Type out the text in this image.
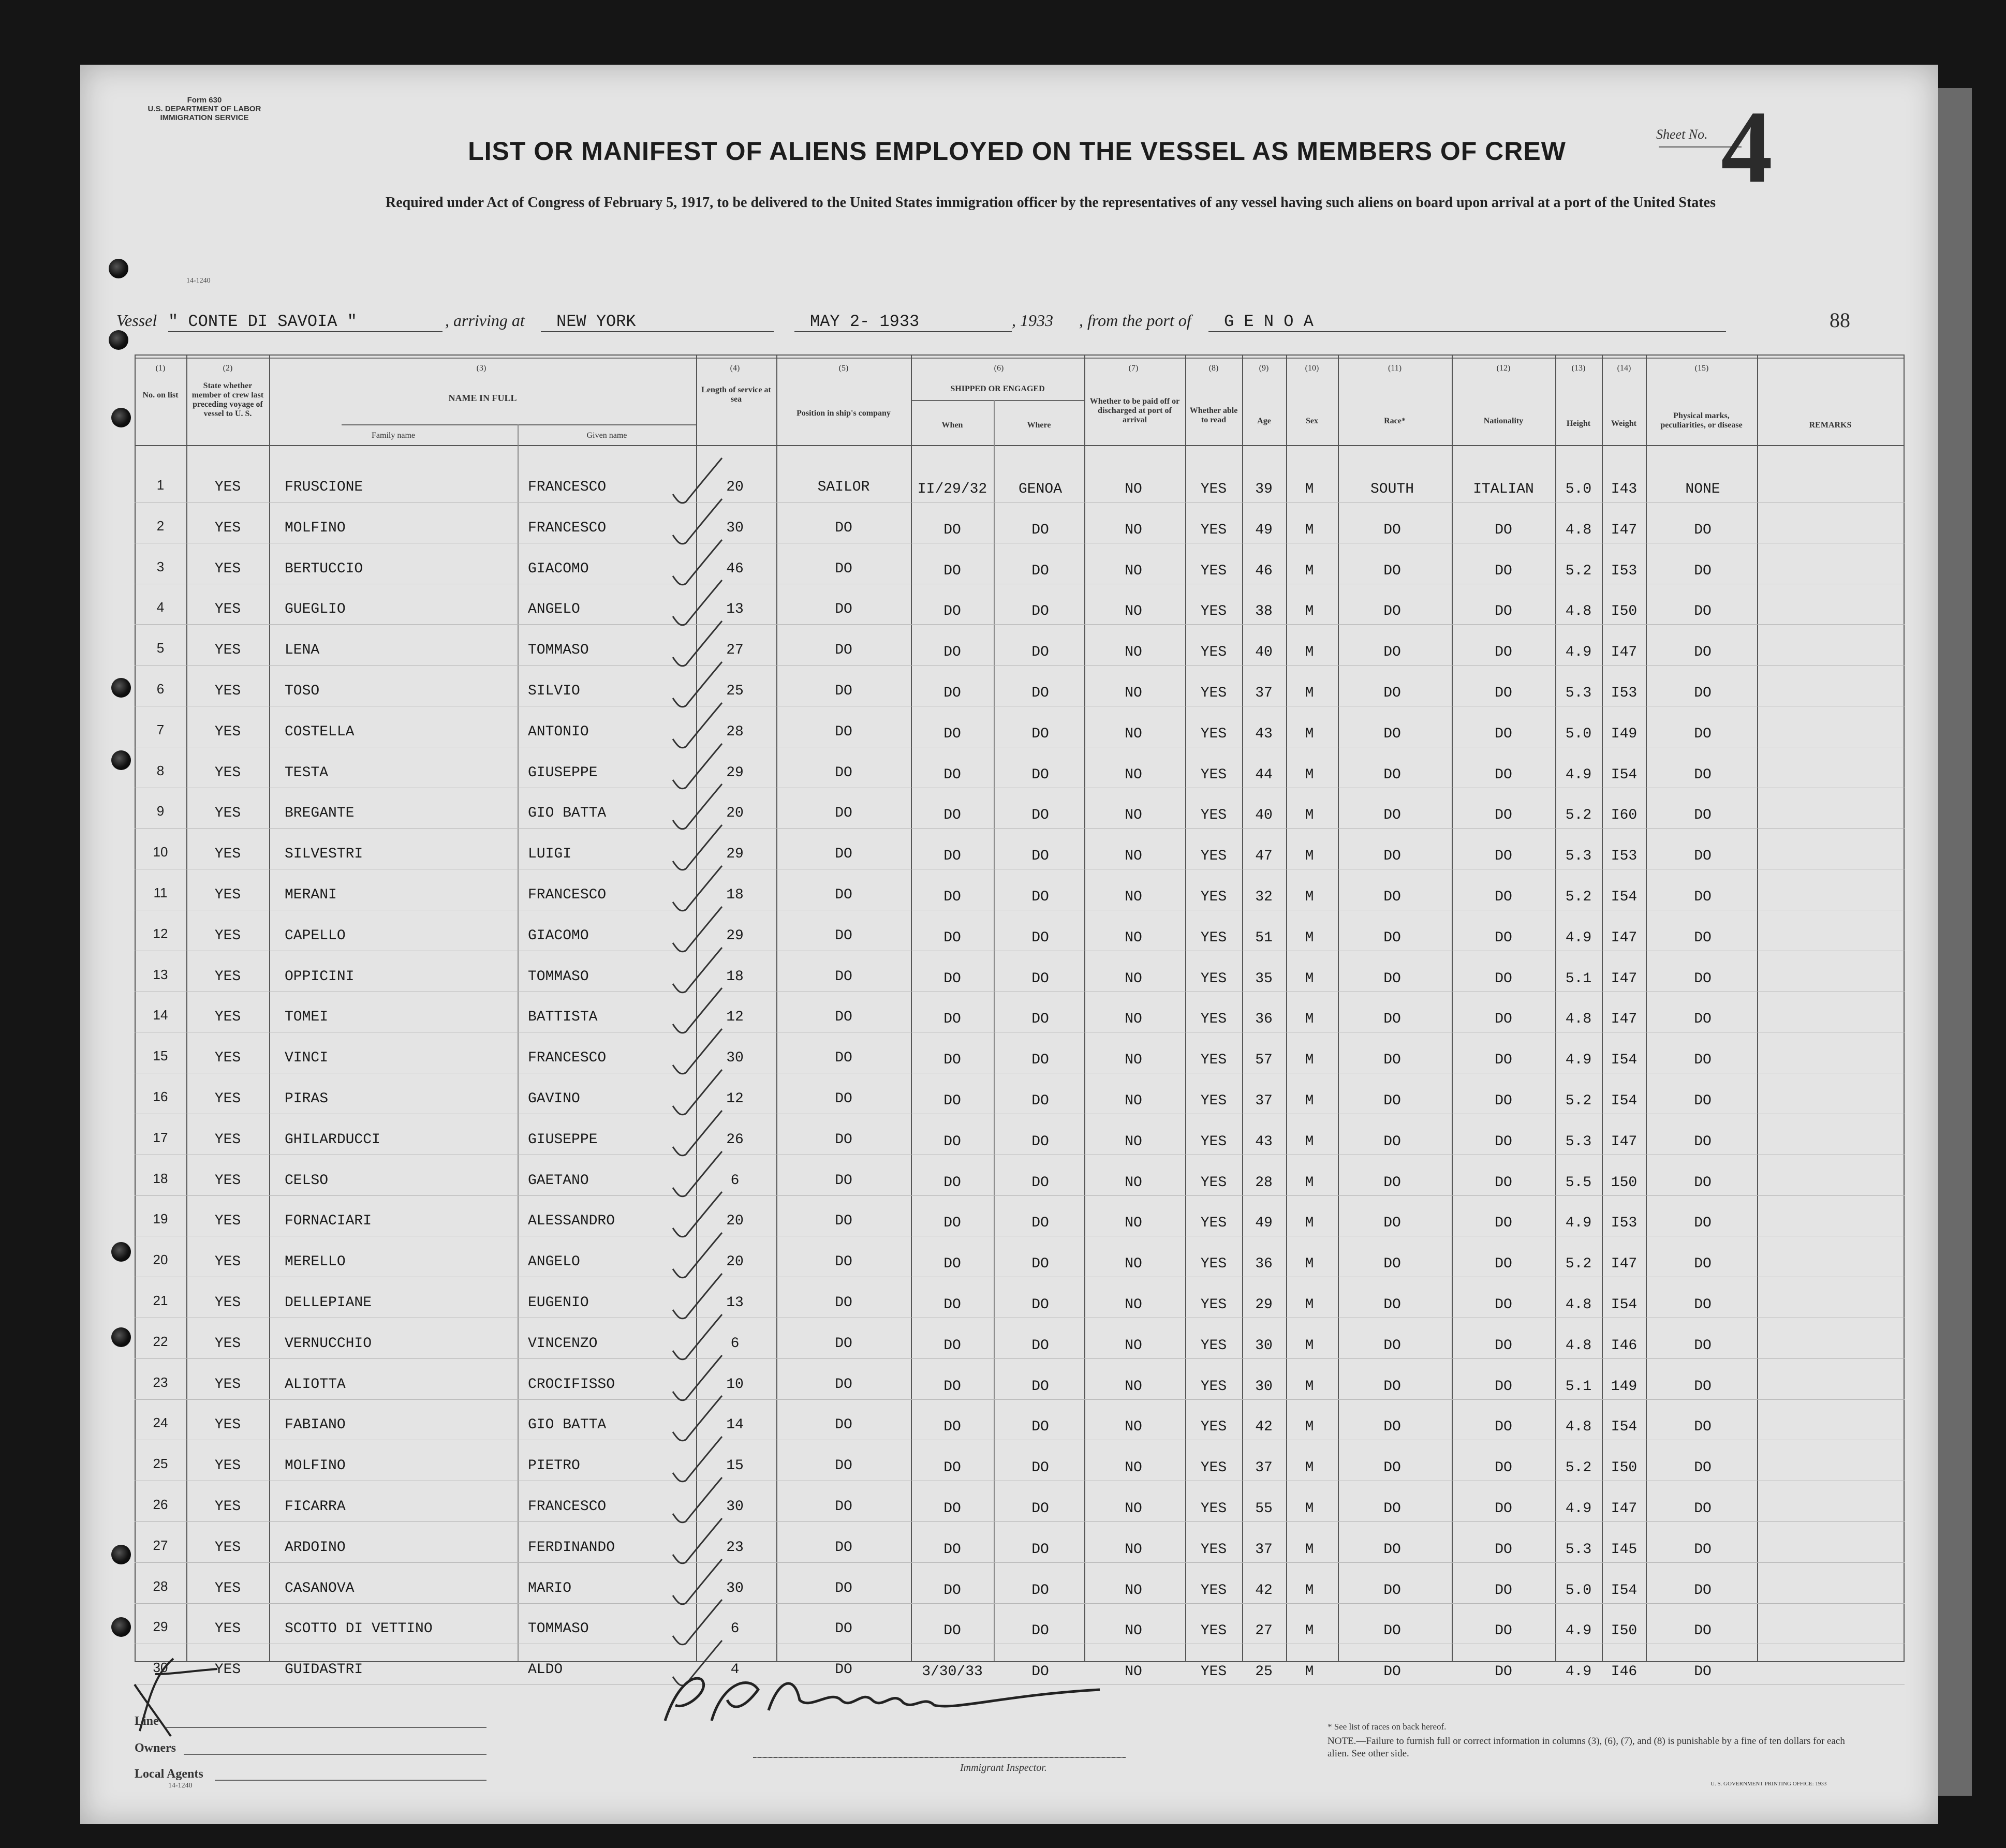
Form 630
U.S. DEPARTMENT OF LABOR
IMMIGRATION SERVICE
14-1240
LIST OR MANIFEST OF ALIENS EMPLOYED ON THE VESSEL AS MEMBERS OF CREW
Required under Act of Congress of February 5, 1917, to be delivered to the United States immigration officer by the representatives of any vessel having such aliens on board upon arrival at a port of the United States
Sheet No. 4
Vessel " CONTE DI SAVOIA "	, arriving at	NEW YORK	MAY 2- 1933	, 1933 , from the port of	G E N O A	88
(1)	(2)	(3)	(4)	(5)	(6)	(7)	(8)	(9)	(10)	(11)	(12)	(13)	(14)	(15)
No. on list
State whether member of crew last preceding voyage of vessel to U. S.
NAME IN FULL
Family name	Given name
Length of service at sea
Position in ship's company
SHIPPED OR ENGAGED
When	Where
Whether to be paid off or discharged at port of arrival
Whether able to read	Age	Sex	Race*	Nationality	Height	Weight
Physical marks, peculiarities, or disease	REMARKS
1	YES	FRUSCIONE	FRANCESCO	20	SAILOR	II/29/32 GENOA	NO	YES 39 M	SOUTH	ITALIAN 5.0 I43	NONE
2	YES	MOLFINO	FRANCESCO	30	DO	DO	DO	NO	YES 49 M	DO	DO	4.8 I47	DO
3	YES	BERTUCCIO	GIACOMO	46	DO	DO	DO	NO	YES 46 M	DO	DO	5.2 I53	DO
4	YES	GUEGLIO	ANGELO	13	DO	DO	DO	NO	YES 38 M	DO	DO	4.8 I50	DO
5	YES	LENA	TOMMASO	27	DO	DO	DO	NO	YES 40 M	DO	DO	4.9 I47	DO
6	YES	TOSO	SILVIO	25	DO	DO	DO	NO	YES 37 M	DO	DO	5.3 I53	DO
7	YES	COSTELLA	ANTONIO	28	DO	DO	DO	NO	YES 43 M	DO	DO	5.0 I49	DO
8	YES	TESTA	GIUSEPPE	29	DO	DO	DO	NO	YES 44 M	DO	DO	4.9 I54	DO
9	YES	BREGANTE	GIO BATTA	20	DO	DO	DO	NO	YES 40 M	DO	DO	5.2 I60	DO
10	YES	SILVESTRI	LUIGI	29	DO	DO	DO	NO	YES 47 M	DO	DO	5.3 I53	DO
11	YES	MERANI	FRANCESCO	18	DO	DO	DO	NO	YES 32 M	DO	DO	5.2 I54	DO
12	YES	CAPELLO	GIACOMO	29	DO	DO	DO	NO	YES 51 M	DO	DO	4.9 I47	DO
13	YES	OPPICINI	TOMMASO	18	DO	DO	DO	NO	YES 35 M	DO	DO	5.1 I47	DO
14	YES	TOMEI	BATTISTA	12	DO	DO	DO	NO	YES 36 M	DO	DO	4.8 I47	DO
15	YES	VINCI	FRANCESCO	30	DO	DO	DO	NO	YES 57 M	DO	DO	4.9 I54	DO
16	YES	PIRAS	GAVINO	12	DO	DO	DO	NO	YES 37 M	DO	DO	5.2 I54	DO
17	YES	GHILARDUCCI	GIUSEPPE	26	DO	DO	DO	NO	YES 43 M	DO	DO	5.3 I47	DO
18	YES	CELSO	GAETANO	6	DO	DO	DO	NO	YES 28 M	DO	DO	5.5 150	DO
19	YES	FORNACIARI	ALESSANDRO	20	DO	DO	DO	NO	YES 49 M	DO	DO	4.9 I53	DO
20	YES	MERELLO	ANGELO	20	DO	DO	DO	NO	YES 36 M	DO	DO	5.2 I47	DO
21	YES	DELLEPIANE	EUGENIO	13	DO	DO	DO	NO	YES 29 M	DO	DO	4.8 I54	DO
22	YES	VERNUCCHIO	VINCENZO	6	DO	DO	DO	NO	YES 30 M	DO	DO	4.8 I46	DO
23	YES	ALIOTTA	CROCIFISSO	10	DO	DO	DO	NO	YES 30 M	DO	DO	5.1 149	DO
24	YES	FABIANO	GIO BATTA	14	DO	DO	DO	NO	YES 42 M	DO	DO	4.8 I54	DO
25	YES	MOLFINO	PIETRO	15	DO	DO	DO	NO	YES 37 M	DO	DO	5.2 I50	DO
26	YES	FICARRA	FRANCESCO	30	DO	DO	DO	NO	YES 55 M	DO	DO	4.9 I47	DO
27	YES	ARDOINO	FERDINANDO	23	DO	DO	DO	NO	YES 37 M	DO	DO	5.3 I45	DO
28	YES	CASANOVA	MARIO	30	DO	DO	DO	NO	YES 42 M	DO	DO	5.0 I54	DO
29	YES	SCOTTO DI VETTINO	TOMMASO	6	DO	DO	DO	NO	YES 27 M	DO	DO	4.9 I50	DO
30	YES	GUIDASTRI	ALDO	4	DO	3/30/33	DO	NO	YES 25 M	DO	DO	4.9 I46	DO
Line
Owners
Local Agents
14-1240
Immigrant Inspector.
* See list of races on back hereof.
NOTE.—Failure to furnish full or correct information in columns (3), (6), (7), and (8) is punishable by a fine of ten dollars for each alien. See other side.
U. S. GOVERNMENT PRINTING OFFICE: 1933
